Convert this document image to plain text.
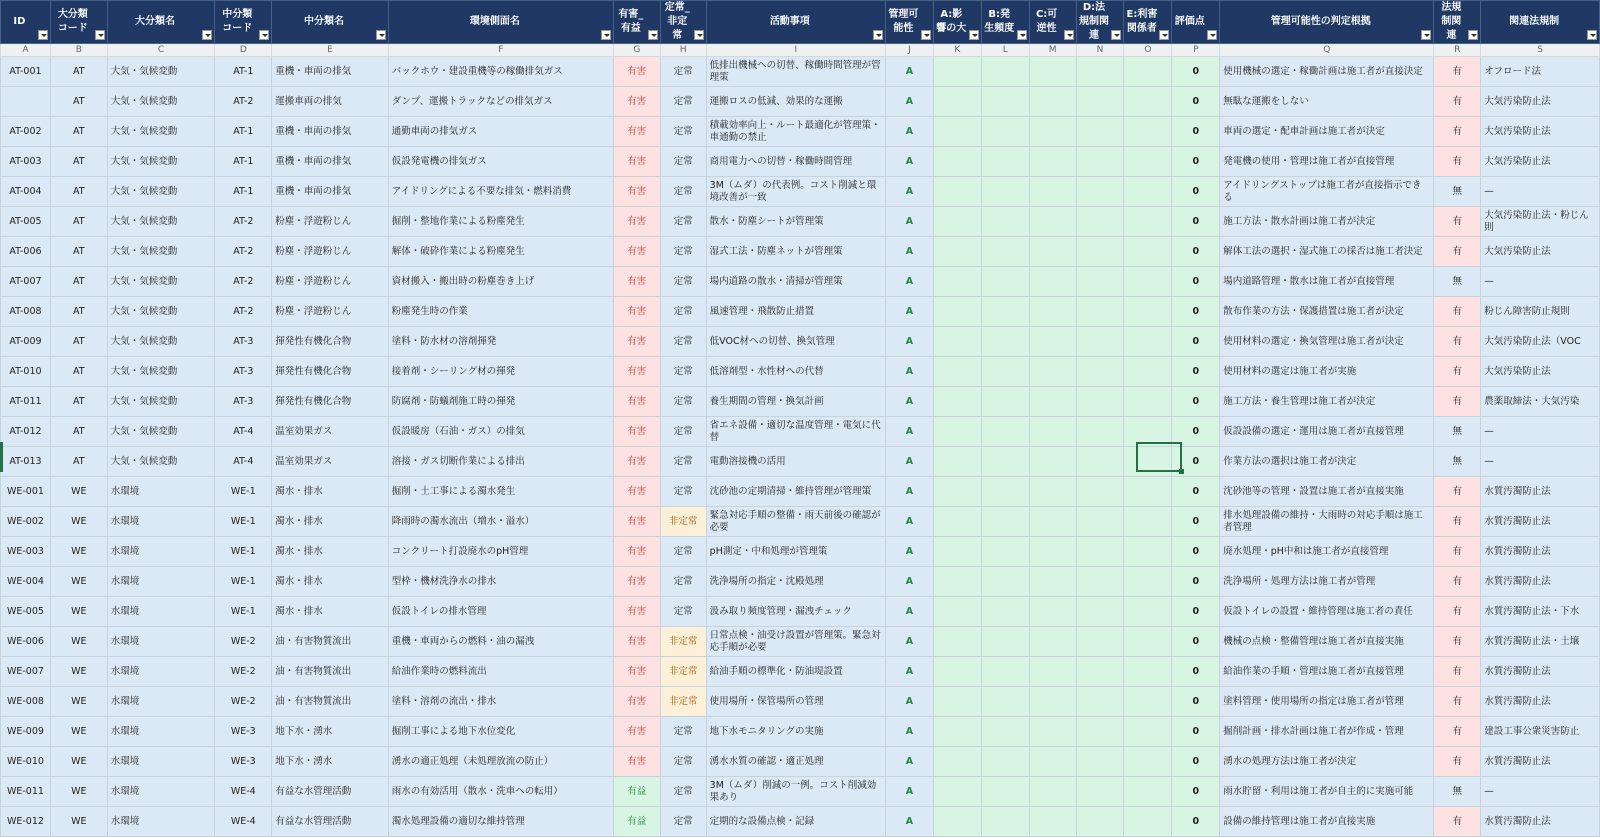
A	B	C	D	E	F	G	H	I	J	K	L	M	N	O	P	Q	R	S

ID	大分類コード	大分類名	中分類コード	中分類名	環境側面名	有害_有益	定常_非定常	活動事項	管理可能性	A:影響の大	B:発生頻度	C:可逆性	D:法規制関連	E:利害関係者	評価点	管理可能性の判定根拠	法規制関連	関連法規制

AT-001	AT	大気・気候変動	AT-1	重機・車両の排気	バックホウ・建設重機等の稼働排気ガス	有害	定常	低排出機械への切替、稼働時間管理が管理策	A						0	使用機械の選定・稼働計画は施工者が直接決定	有	オフロード法
	AT	大気・気候変動	AT-2	運搬車両の排気	ダンプ、運搬トラックなどの排気ガス	有害	定常	運搬ロスの低減、効果的な運搬	A						0	無駄な運搬をしない	有	大気汚染防止法
AT-002	AT	大気・気候変動	AT-1	重機・車両の排気	通勤車両の排気ガス	有害	定常	積載効率向上・ルート最適化が管理策・車通勤の禁止	A						0	車両の選定・配車計画は施工者が決定	有	大気汚染防止法
AT-003	AT	大気・気候変動	AT-1	重機・車両の排気	仮設発電機の排気ガス	有害	定常	商用電力への切替・稼働時間管理	A						0	発電機の使用・管理は施工者が直接管理	有	大気汚染防止法
AT-004	AT	大気・気候変動	AT-1	重機・車両の排気	アイドリングによる不要な排気・燃料消費	有害	定常	3M（ムダ）の代表例。コスト削減と環境改善が一致	A						0	アイドリングストップは施工者が直接指示できる	無	—
AT-005	AT	大気・気候変動	AT-2	粉塵・浮遊粉じん	掘削・整地作業による粉塵発生	有害	定常	散水・防塵シートが管理策	A						0	施工方法・散水計画は施工者が決定	有	大気汚染防止法・粉じん則
AT-006	AT	大気・気候変動	AT-2	粉塵・浮遊粉じん	解体・破砕作業による粉塵発生	有害	定常	湿式工法・防塵ネットが管理策	A						0	解体工法の選択・湿式施工の採否は施工者決定	有	大気汚染防止法
AT-007	AT	大気・気候変動	AT-2	粉塵・浮遊粉じん	資材搬入・搬出時の粉塵巻き上げ	有害	定常	場内道路の散水・清掃が管理策	A						0	場内道路管理・散水は施工者が直接管理	無	—
AT-008	AT	大気・気候変動	AT-2	粉塵・浮遊粉じん	粉塵発生時の作業	有害	定常	風速管理・飛散防止措置	A						0	散布作業の方法・保護措置は施工者が決定	有	粉じん障害防止規則
AT-009	AT	大気・気候変動	AT-3	揮発性有機化合物	塗料・防水材の溶剤揮発	有害	定常	低VOC材への切替、換気管理	A						0	使用材料の選定・換気管理は施工者が決定	有	大気汚染防止法（VOC
AT-010	AT	大気・気候変動	AT-3	揮発性有機化合物	接着剤・シーリング材の揮発	有害	定常	低溶剤型・水性材への代替	A						0	使用材料の選定は施工者が実施	有	大気汚染防止法
AT-011	AT	大気・気候変動	AT-3	揮発性有機化合物	防腐剤・防蟻剤施工時の揮発	有害	定常	養生期間の管理・換気計画	A						0	施工方法・養生管理は施工者が決定	有	農薬取締法・大気汚染
AT-012	AT	大気・気候変動	AT-4	温室効果ガス	仮設暖房（石油・ガス）の排気	有害	定常	省エネ設備・適切な温度管理・電気に代替	A						0	仮設設備の選定・運用は施工者が直接管理	無	—
AT-013	AT	大気・気候変動	AT-4	温室効果ガス	溶接・ガス切断作業による排出	有害	定常	電動溶接機の活用	A						0	作業方法の選択は施工者が決定	無	—
WE-001	WE	水環境	WE-1	濁水・排水	掘削・土工事による濁水発生	有害	定常	沈砂池の定期清掃・維持管理が管理策	A						0	沈砂池等の管理・設置は施工者が直接実施	有	水質汚濁防止法
WE-002	WE	水環境	WE-1	濁水・排水	降雨時の濁水流出（増水・溢水）	有害	非定常	緊急対応手順の整備・雨天前後の確認が必要	A						0	排水処理設備の維持・大雨時の対応手順は施工者管理	有	水質汚濁防止法
WE-003	WE	水環境	WE-1	濁水・排水	コンクリート打設廃水のpH管理	有害	定常	pH測定・中和処理が管理策	A						0	廃水処理・pH中和は施工者が直接管理	有	水質汚濁防止法
WE-004	WE	水環境	WE-1	濁水・排水	型枠・機材洗浄水の排水	有害	定常	洗浄場所の指定・沈殿処理	A						0	洗浄場所・処理方法は施工者が管理	有	水質汚濁防止法
WE-005	WE	水環境	WE-1	濁水・排水	仮設トイレの排水管理	有害	定常	汲み取り頻度管理・漏洩チェック	A						0	仮設トイレの設置・維持管理は施工者の責任	有	水質汚濁防止法・下水
WE-006	WE	水環境	WE-2	油・有害物質流出	重機・車両からの燃料・油の漏洩	有害	非定常	日常点検・油受け設置が管理策。緊急対応手順が必要	A						0	機械の点検・整備管理は施工者が直接実施	有	水質汚濁防止法・土壌
WE-007	WE	水環境	WE-2	油・有害物質流出	給油作業時の燃料流出	有害	非定常	給油手順の標準化・防油堤設置	A						0	給油作業の手順・管理は施工者が直接管理	有	水質汚濁防止法
WE-008	WE	水環境	WE-2	油・有害物質流出	塗料・溶剤の流出・排水	有害	非定常	使用場所・保管場所の管理	A						0	塗料管理・使用場所の指定は施工者が管理	有	水質汚濁防止法
WE-009	WE	水環境	WE-3	地下水・湧水	掘削工事による地下水位変化	有害	定常	地下水モニタリングの実施	A						0	掘削計画・排水計画は施工者が作成・管理	有	建設工事公衆災害防止
WE-010	WE	水環境	WE-3	地下水・湧水	湧水の適正処理（未処理放流の防止）	有害	定常	湧水水質の確認・適正処理	A						0	湧水の処理方法は施工者が決定	有	水質汚濁防止法
WE-011	WE	水環境	WE-4	有益な水管理活動	雨水の有効活用（散水・洗車への転用）	有益	定常	3M（ムダ）削減の一例。コスト削減効果あり	A						0	雨水貯留・利用は施工者が自主的に実施可能	無	—
WE-012	WE	水環境	WE-4	有益な水管理活動	濁水処理設備の適切な維持管理	有益	定常	定期的な設備点検・記録	A						0	設備の維持管理は施工者が直接実施	有	水質汚濁防止法
